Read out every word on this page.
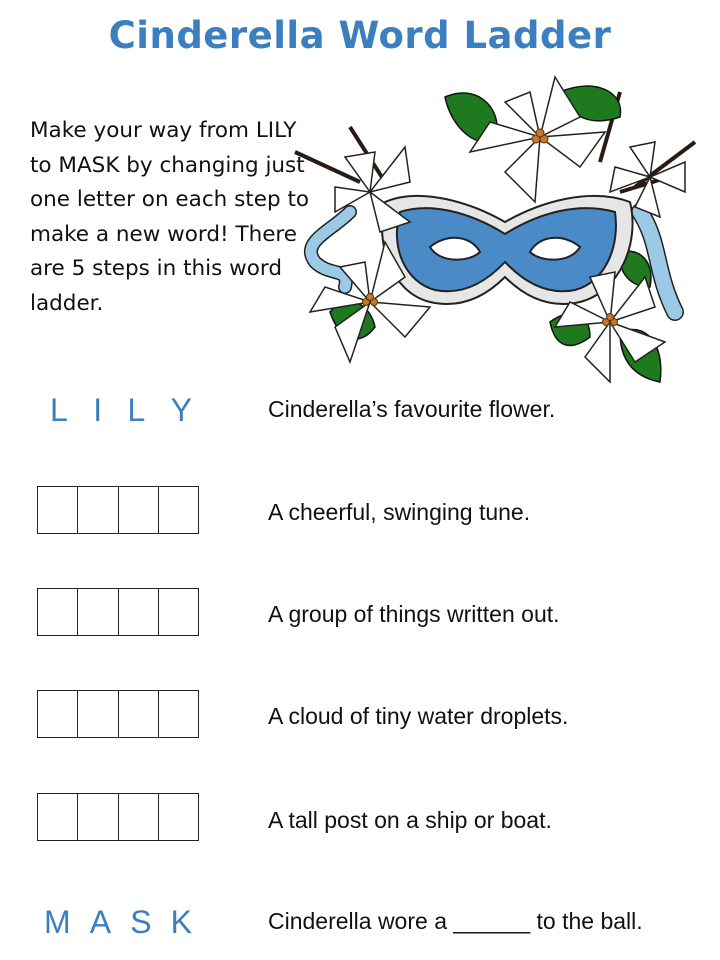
Cinderella Word Ladder
Make your way from LILY to MASK by changing just one letter on each step to make a new word! There are 5 steps in this word ladder.
L I L Y	Cinderella’s favourite flower.
A cheerful, swinging tune.
A group of things written out.
A cloud of tiny water droplets.
A tall post on a ship or boat.
M A S K	Cinderella wore a ______ to the ball.
